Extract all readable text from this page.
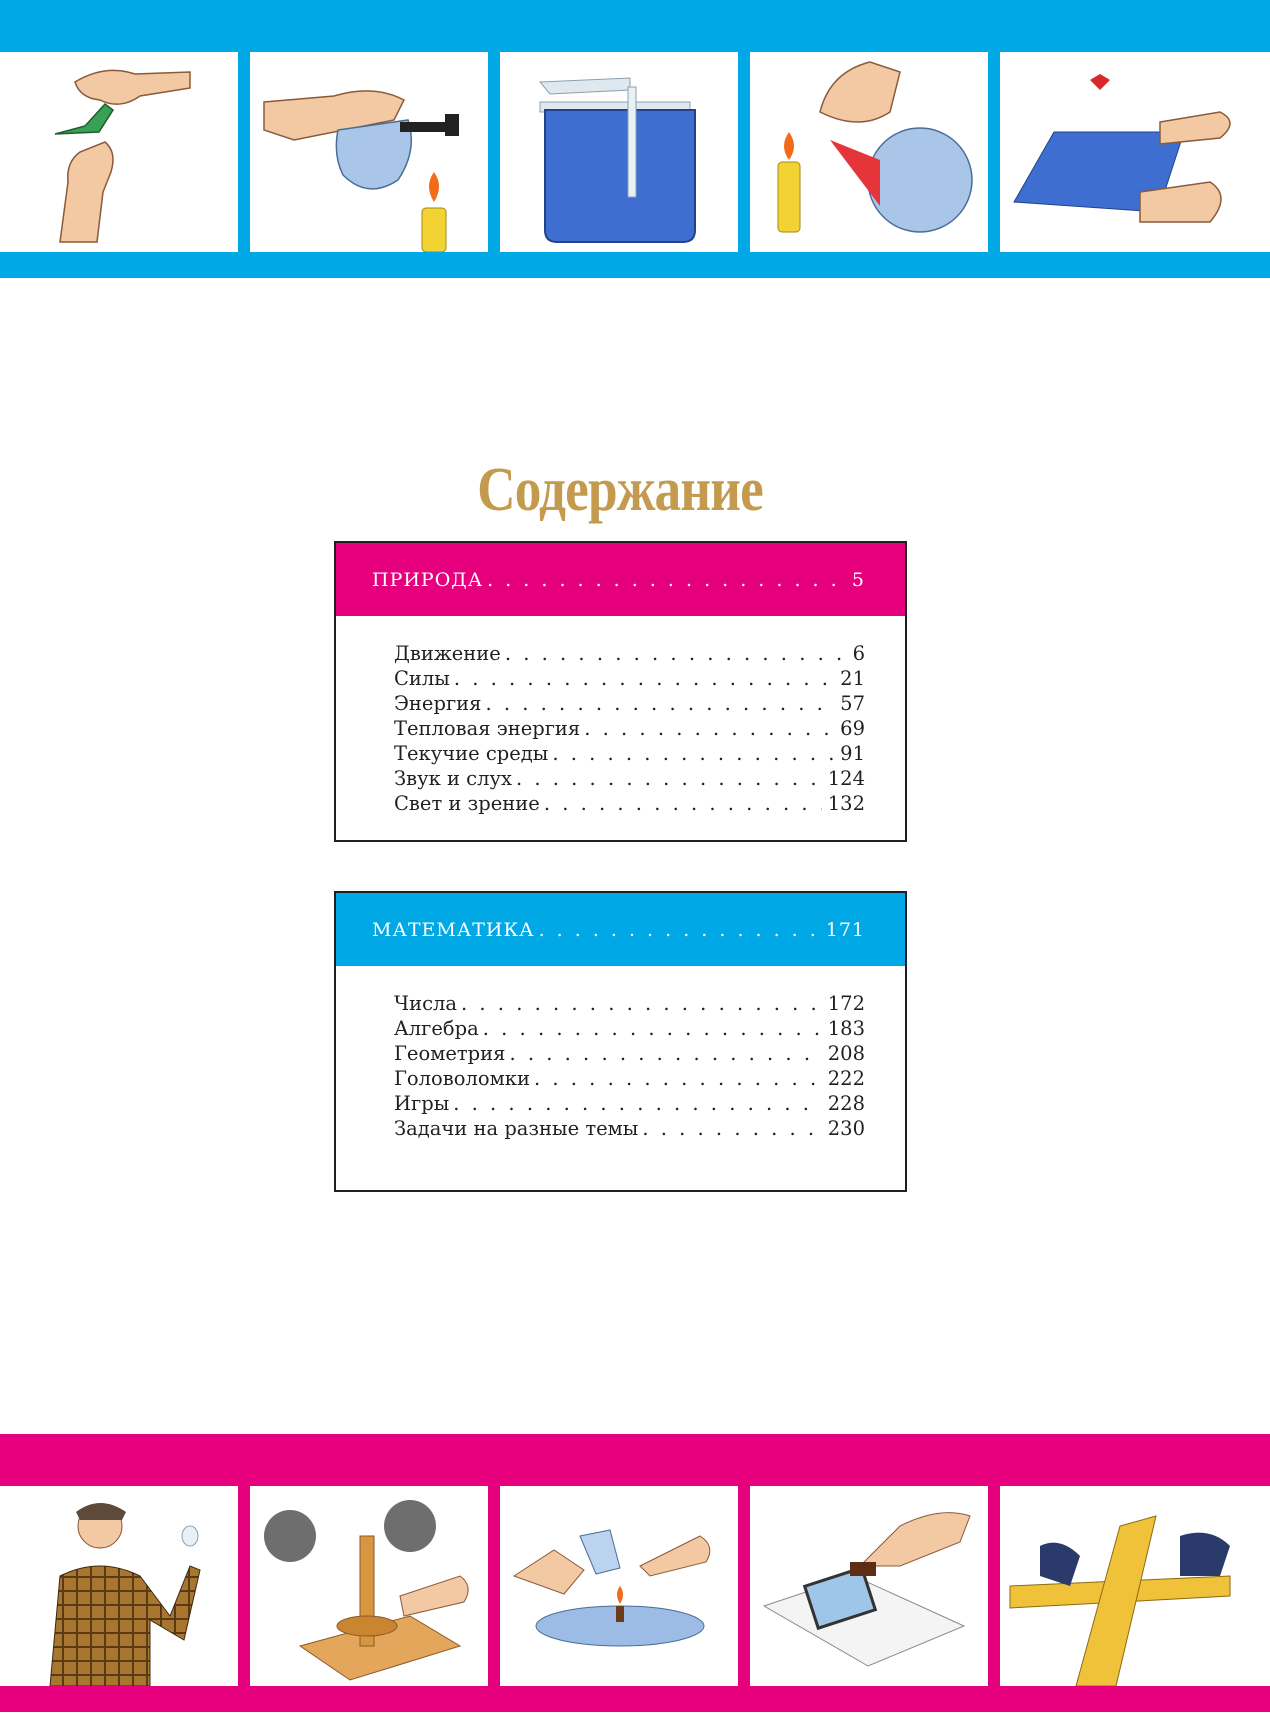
Содержание
ПРИРОДА . . .	5
Движение . . .	6
Силы . . .	21
Энергия . . .	57
Тепловая энергия . . .	69
Текучие среды . . .	91
Звук и слух . . .	124
Свет и зрение . . .	132
МАТЕМАТИКА . . .	171
Числа . . .	172
Алгебра . . .	183
Геометрия . . .	208
Головоломки . . .	222
Игры . . .	228
Задачи на разные темы . . .	230
